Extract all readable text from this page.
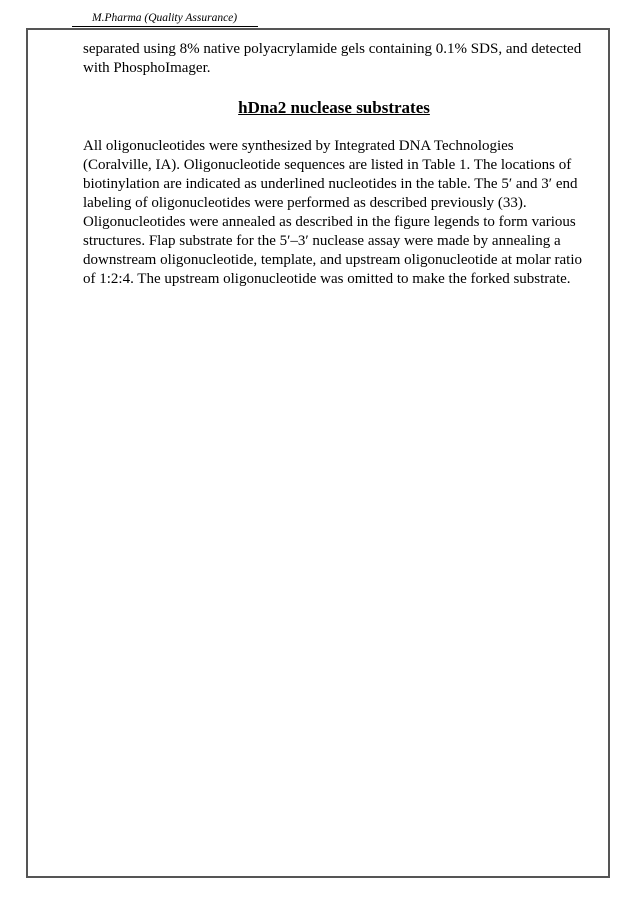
M.Pharma (Quality Assurance)

separated using 8% native polyacrylamide gels containing 0.1% SDS, and detected with PhosphoImager.

hDna2 nuclease substrates

All oligonucleotides were synthesized by Integrated DNA Technologies (Coralville, IA). Oligonucleotide sequences are listed in Table 1. The locations of biotinylation are indicated as underlined nucleotides in the table. The 5′ and 3′ end labeling of oligonucleotides were performed as described previously (33). Oligonucleotides were annealed as described in the figure legends to form various structures. Flap substrate for the 5′–3′ nuclease assay were made by annealing a downstream oligonucleotide, template, and upstream oligonucleotide at molar ratio of 1:2:4. The upstream oligonucleotide was omitted to make the forked substrate.
